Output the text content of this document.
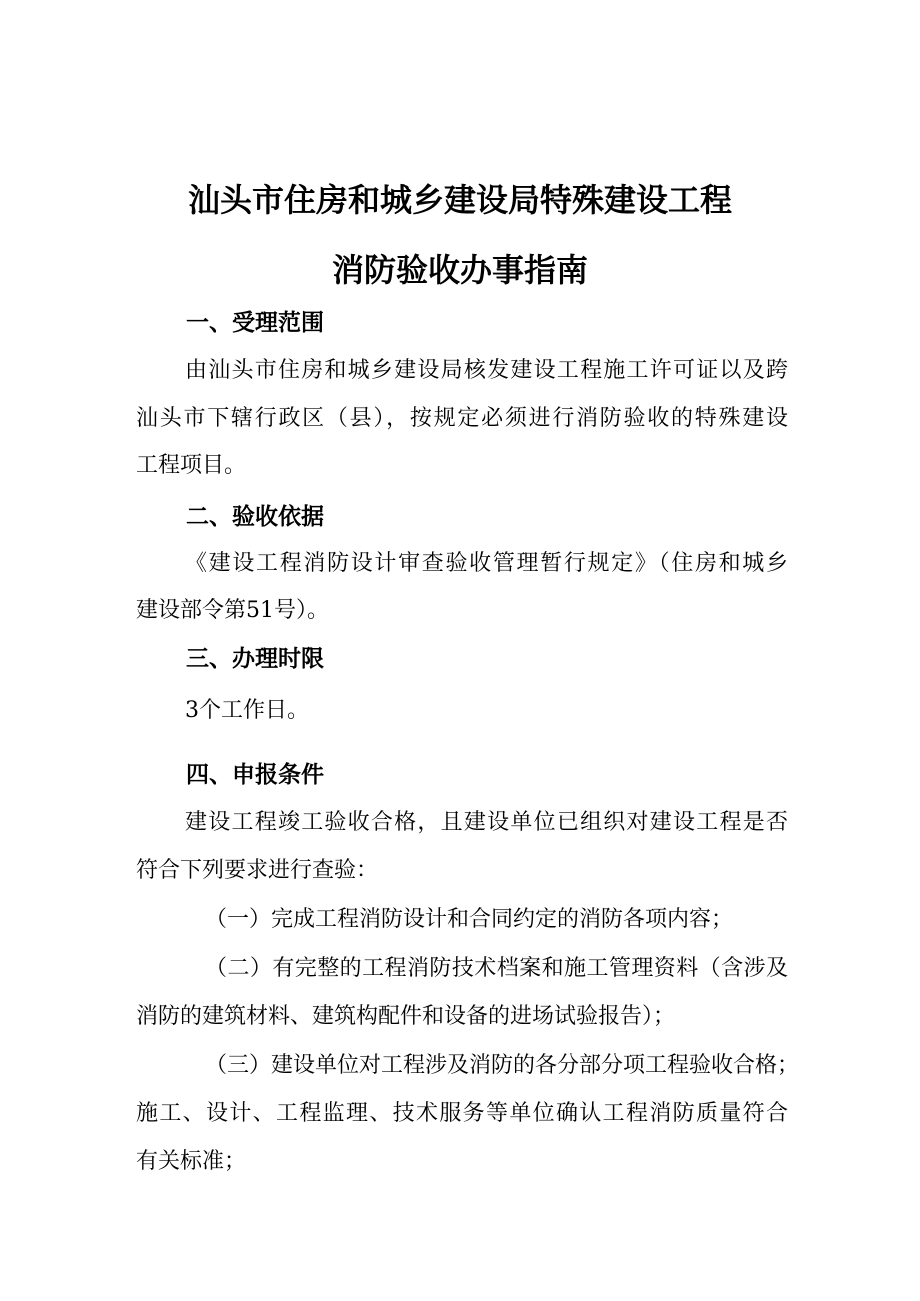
汕头市住房和城乡建设局特殊建设工程
消防验收办事指南
一、受理范围
由汕头市住房和城乡建设局核发建设工程施工许可证以及跨
汕头市下辖行政区（县），按规定必须进行消防验收的特殊建设
工程项目。
二、验收依据
《建设工程消防设计审查验收管理暂行规定》（住房和城乡
建设部令第51号）。
三、办理时限
3个工作日。
四、申报条件
建设工程竣工验收合格，且建设单位已组织对建设工程是否
符合下列要求进行查验：
（一）完成工程消防设计和合同约定的消防各项内容；
（二）有完整的工程消防技术档案和施工管理资料（含涉及
消防的建筑材料、建筑构配件和设备的进场试验报告）；
（三）建设单位对工程涉及消防的各分部分项工程验收合格；
施工、设计、工程监理、技术服务等单位确认工程消防质量符合
有关标准；
